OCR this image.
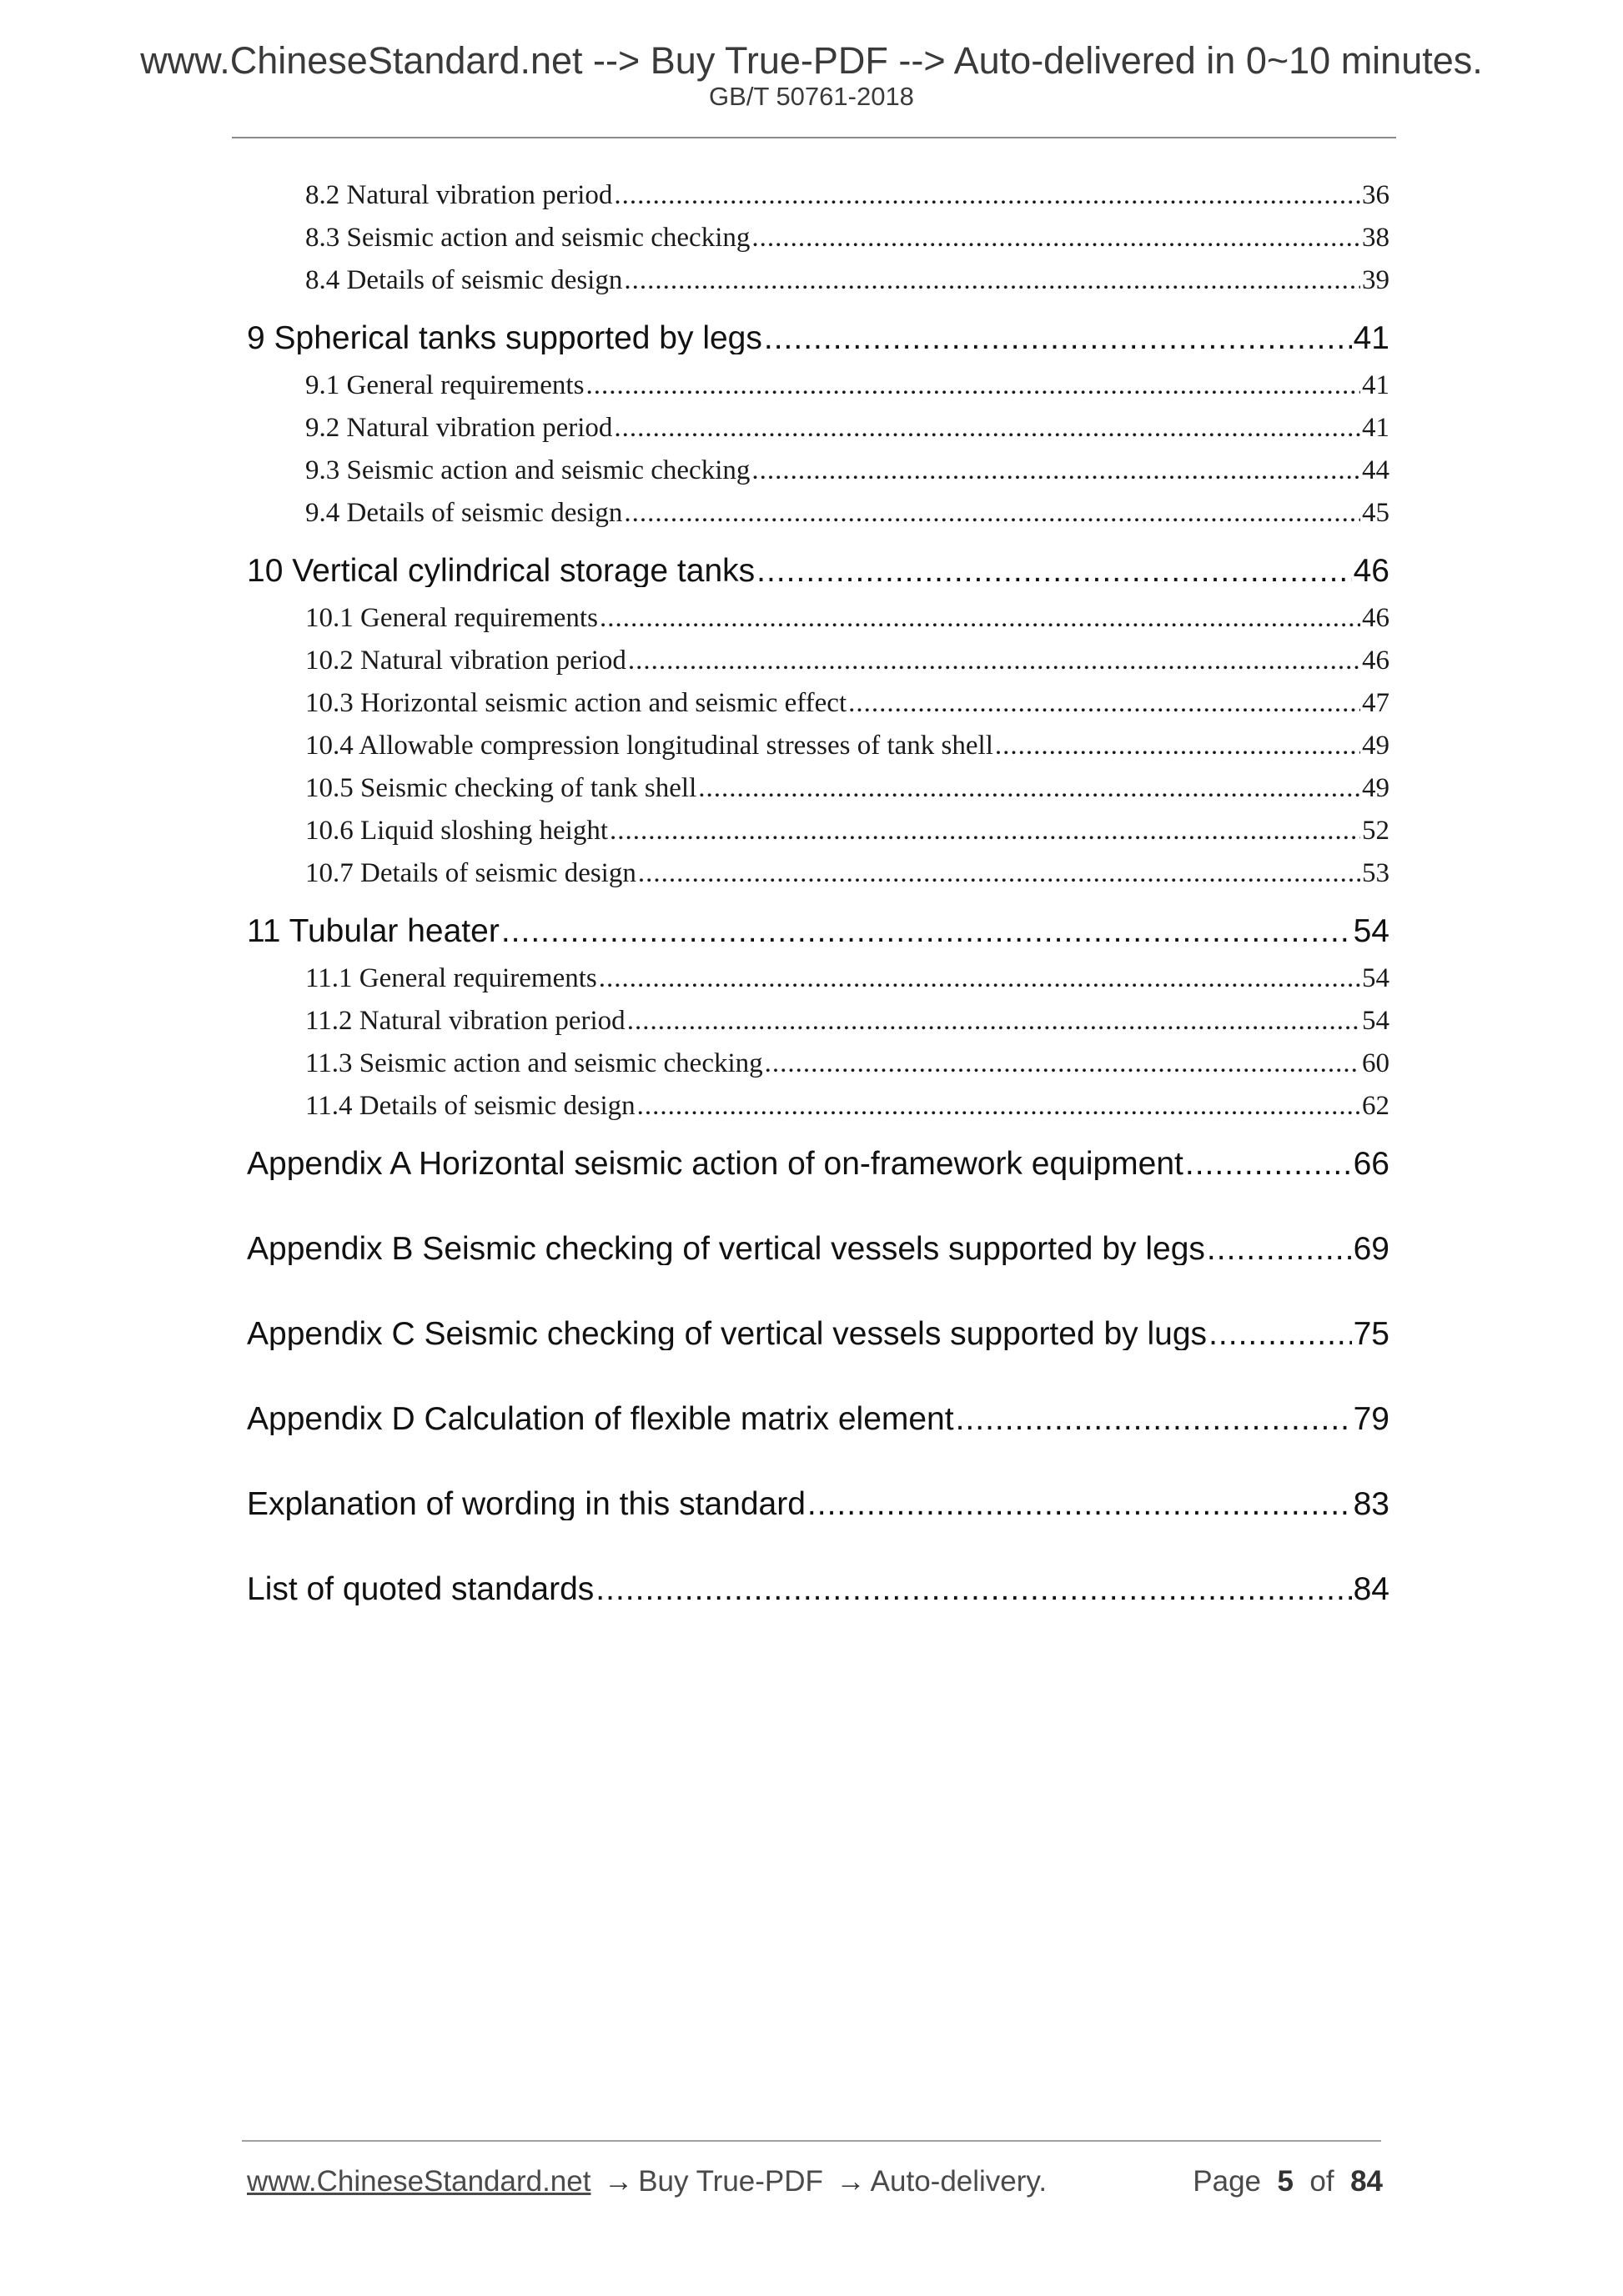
www.ChineseStandard.net --> Buy True-PDF --> Auto-delivered in 0~10 minutes.
GB/T 50761-2018
8.2 Natural vibration period .....	36
8.3 Seismic action and seismic checking .....	38
8.4 Details of seismic design .....	39
9 Spherical tanks supported by legs .....	41
9.1 General requirements .....	41
9.2 Natural vibration period .....	41
9.3 Seismic action and seismic checking .....	44
9.4 Details of seismic design .....	45
10 Vertical cylindrical storage tanks .....	46
10.1 General requirements .....	46
10.2 Natural vibration period .....	46
10.3 Horizontal seismic action and seismic effect .....	47
10.4 Allowable compression longitudinal stresses of tank shell .....	49
10.5 Seismic checking of tank shell .....	49
10.6 Liquid sloshing height .....	52
10.7 Details of seismic design .....	53
11 Tubular heater .....	54
11.1 General requirements .....	54
11.2 Natural vibration period .....	54
11.3 Seismic action and seismic checking .....	60
11.4 Details of seismic design .....	62
Appendix A Horizontal seismic action of on-framework equipment .....	66
Appendix B Seismic checking of vertical vessels supported by legs .....	69
Appendix C Seismic checking of vertical vessels supported by lugs .....	75
Appendix D Calculation of flexible matrix element .....	79
Explanation of wording in this standard .....	83
List of quoted standards .....	84
www.ChineseStandard.net → Buy True-PDF → Auto-delivery.	Page 5 of 84
